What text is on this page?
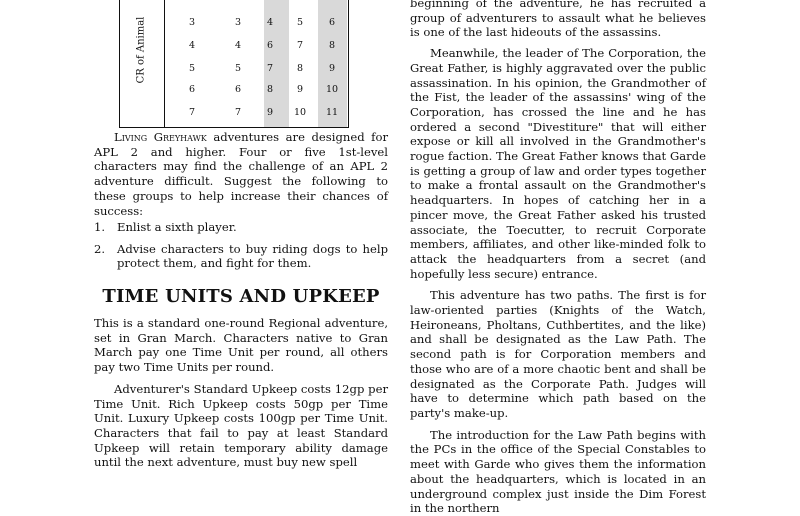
CR of Animal	3	3	4	5	6
4	4	6	7	8
5	5	7	8	9
6	6	8	9	10
7	7	9	10	11

Living Greyhawk adventures are designed for APL 2 and higher. Four or five 1st-level characters may find the challenge of an APL 2 adventure difficult. Suggest the following to these groups to help increase their chances of success:

1. Enlist a sixth player.
2. Advise characters to buy riding dogs to help protect them, and fight for them.
TIME UNITS AND UPKEEP

This is a standard one-round Regional adventure, set in Gran March. Characters native to Gran March pay one Time Unit per round, all others pay two Time Units per round.

Adventurer's Standard Upkeep costs 12gp per Time Unit. Rich Upkeep costs 50gp per Time Unit. Luxury Upkeep costs 100gp per Time Unit. Characters that fail to pay at least Standard Upkeep will retain temporary ability damage until the next adventure, must buy new spell

beginning of the adventure, he has recruited a group of adventurers to assault what he believes is one of the last hideouts of the assassins.

Meanwhile, the leader of The Corporation, the Great Father, is highly aggravated over the public assassination. In his opinion, the Grandmother of the Fist, the leader of the assassins' wing of the Corporation, has crossed the line and he has ordered a second "Divestiture" that will either expose or kill all involved in the Grandmother's rogue faction. The Great Father knows that Garde is getting a group of law and order types together to make a frontal assault on the Grandmother's headquarters. In hopes of catching her in a pincer move, the Great Father asked his trusted associate, the Toecutter, to recruit Corporate members, affiliates, and other like-minded folk to attack the headquarters from a secret (and hopefully less secure) entrance.

This adventure has two paths. The first is for law-oriented parties (Knights of the Watch, Heironeans, Pholtans, Cuthbertites, and the like) and shall be designated as the Law Path. The second path is for Corporation members and those who are of a more chaotic bent and shall be designated as the Corporate Path. Judges will have to determine which path based on the party's make-up.

The introduction for the Law Path begins with the PCs in the office of the Special Constables to meet with Garde who gives them the information about the headquarters, which is located in an underground complex just inside the Dim Forest in the northern
